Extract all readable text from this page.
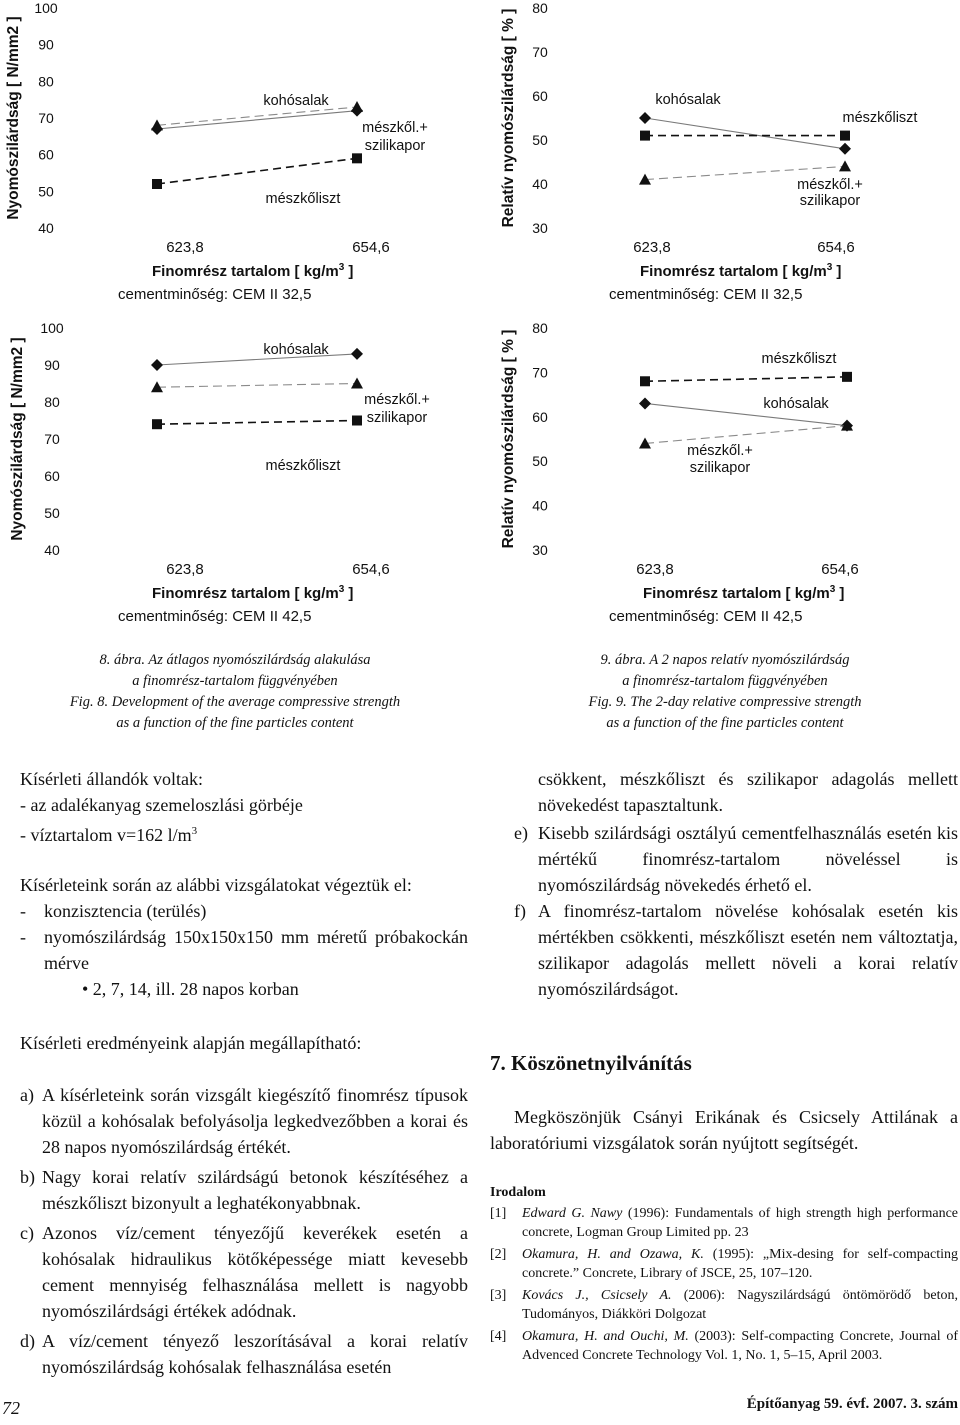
Nyomószilárdság [ N/mm2 ]
100
90
80
70
60
50
40
kohósalak
mészkőliszt
mészkől.+
szilikapor
623,8	654,6
Finomrész tartalom [ $kg/m^3$ ]
cementminőség: CEM II 32,5
Relatív nyomószilárdság [ % ]
80
70
60
50
40
30
kohósalak
mészkőliszt
mészkől.+
szilikapor
623,8	654,6
Finomrész tartalom [ $kg/m^3$ ]
cementminőség: CEM II 32,5
Nyomószilárdság [ N/mm2 ]
100
90
80
70
60
50
40
kohósalak
mészkőliszt
mészkől.+
szilikapor
623,8	654,6
Finomrész tartalom [ $kg/m^3$ ]
cementminőség: CEM II 42,5
Relatív nyomószilárdság [ % ]
80
70
60
50
40
30
kohósalak
mészkőliszt
mészkől.+
szilikapor
623,8	654,6
Finomrész tartalom [ $kg/m^3$ ]
cementminőség: CEM II 42,5
8. ábra. Az átlagos nyomószilárdság alakulása
a finomrész-tartalom függvényében
Fig. 8. Development of the average compressive strength
as a function of the fine particles content
9. ábra. A 2 napos relatív nyomószilárdság
a finomrész-tartalom függvényében
Fig. 9. The 2-day relative compressive strength
as a function of the fine particles content

Kísérleti állandók voltak:

- az adalékanyag szemeloszlási görbéje

- víztartalom v=162 $l/m^3$

Kísérleteink során az alábbi vizsgálatokat végeztük el:

-	konzisztencia (terülés)
-	nyomószilárdság 150x150x150 mm méretű próbakockán mérve

• 2, 7, 14, ill. 28 napos korban

Kísérleti eredményeink alapján megállapítható:

a) A kísérleteink során vizsgált kiegészítő finomrész típusok közül a kohósalak befolyásolja legkedvezőbben a korai és 28 napos nyomószilárdság értékét.
b) Nagy korai relatív szilárdságú betonok készítéséhez a mészkőliszt bizonyult a leghatékonyabbnak.
c) Azonos víz/cement tényezőjű keverékek esetén a kohósalak hidraulikus kötőképessége miatt kevesebb cement mennyiség felhasználása mellett is nagyobb nyomószilárdsági értékek adódnak.
d) A víz/cement tényező leszorításával a korai relatív nyomószilárdság kohósalak felhasználása esetén

csökkent, mészkőliszt és szilikapor adagolás mellett növekedést tapasztaltunk.

e) Kisebb szilárdsági osztályú cementfelhasználás esetén kis mértékű finomrész-tartalom növeléssel is nyomószilárdság növekedés érhető el.
f) A finomrész-tartalom növelése kohósalak esetén kis mértékben csökkenti, mészkőliszt esetén nem változtatja, szilikapor adagolás mellett növeli a korai relatív nyomószilárdságot.
7. Köszönetnyilvánítás
Megköszönjük Csányi Erikának és Csicsely Attilának a laboratóriumi vizsgálatok során nyújtott segítségét.
Irodalom
[1]	Edward G. Nawy (1996): Fundamentals of high strength high performance concrete, Logman Group Limited pp. 23
[2]	Okamura, H. and Ozawa, K. (1995): „Mix-desing for self-compacting concrete.” Concrete, Library of JSCE, 25, 107–120.
[3]	Kovács J., Csicsely A. (2006): Nagyszilárdságú öntömörödő beton, Tudományos, Diákköri Dolgozat
[4]	Okamura, H. and Ouchi, M. (2003): Self-compacting Concrete, Journal of Advenced Concrete Technology Vol. 1, No. 1, 5–15, April 2003.
72	Építőanyag 59. évf. 2007. 3. szám
